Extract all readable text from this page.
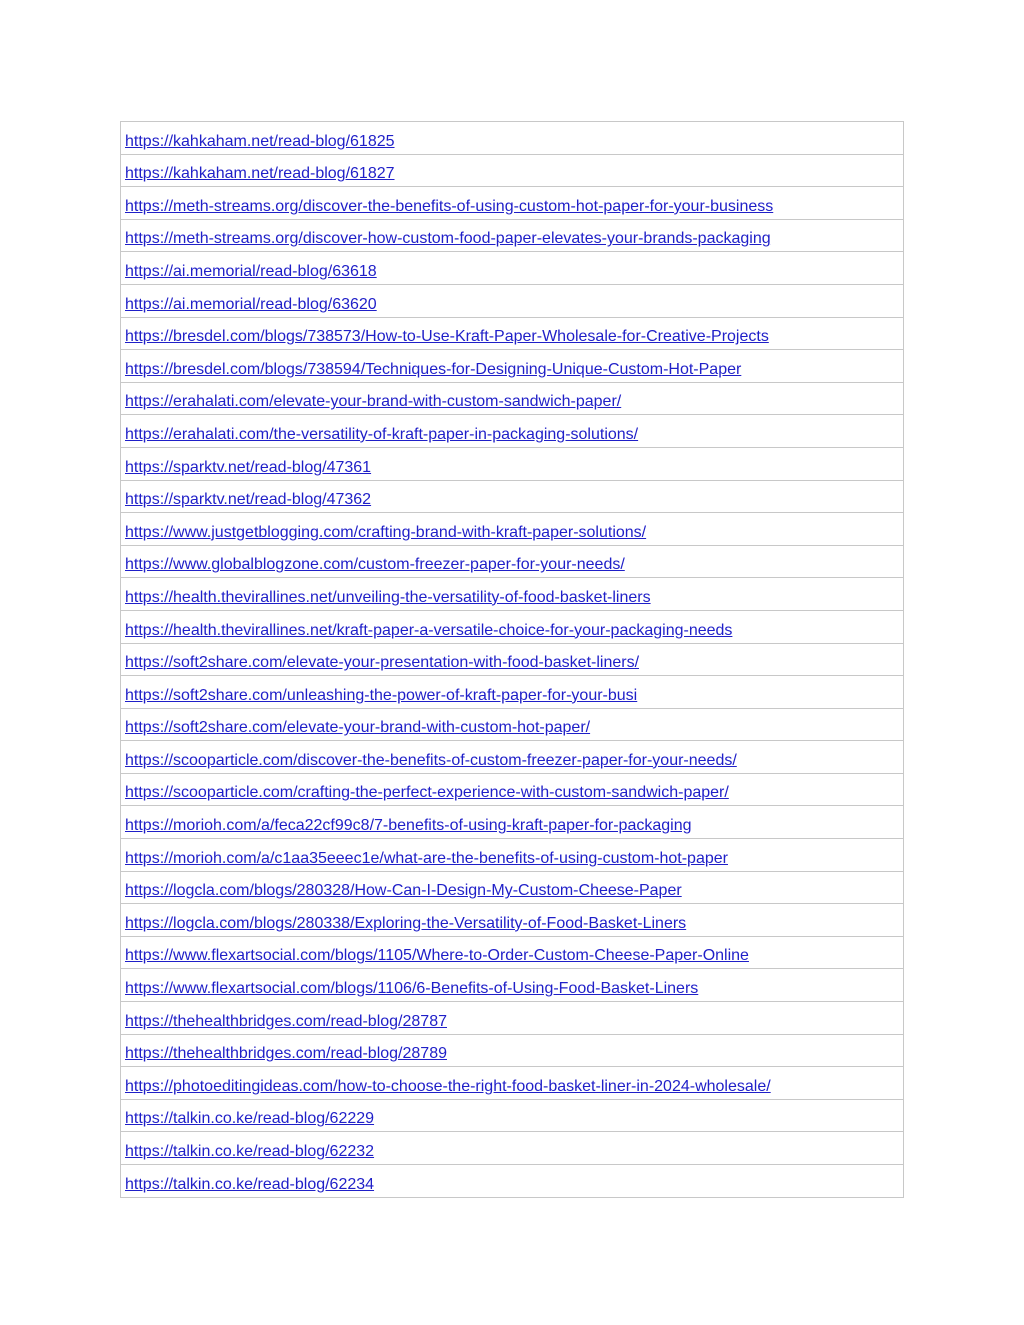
https://kahkaham.net/read-blog/61825
https://kahkaham.net/read-blog/61827
https://meth-streams.org/discover-the-benefits-of-using-custom-hot-paper-for-your-business
https://meth-streams.org/discover-how-custom-food-paper-elevates-your-brands-packaging
https://ai.memorial/read-blog/63618
https://ai.memorial/read-blog/63620
https://bresdel.com/blogs/738573/How-to-Use-Kraft-Paper-Wholesale-for-Creative-Projects
https://bresdel.com/blogs/738594/Techniques-for-Designing-Unique-Custom-Hot-Paper
https://erahalati.com/elevate-your-brand-with-custom-sandwich-paper/
https://erahalati.com/the-versatility-of-kraft-paper-in-packaging-solutions/
https://sparktv.net/read-blog/47361
https://sparktv.net/read-blog/47362
https://www.justgetblogging.com/crafting-brand-with-kraft-paper-solutions/
https://www.globalblogzone.com/custom-freezer-paper-for-your-needs/
https://health.thevirallines.net/unveiling-the-versatility-of-food-basket-liners
https://health.thevirallines.net/kraft-paper-a-versatile-choice-for-your-packaging-needs
https://soft2share.com/elevate-your-presentation-with-food-basket-liners/
https://soft2share.com/unleashing-the-power-of-kraft-paper-for-your-busi
https://soft2share.com/elevate-your-brand-with-custom-hot-paper/
https://scooparticle.com/discover-the-benefits-of-custom-freezer-paper-for-your-needs/
https://scooparticle.com/crafting-the-perfect-experience-with-custom-sandwich-paper/
https://morioh.com/a/feca22cf99c8/7-benefits-of-using-kraft-paper-for-packaging
https://morioh.com/a/c1aa35eeec1e/what-are-the-benefits-of-using-custom-hot-paper
https://logcla.com/blogs/280328/How-Can-I-Design-My-Custom-Cheese-Paper
https://logcla.com/blogs/280338/Exploring-the-Versatility-of-Food-Basket-Liners
https://www.flexartsocial.com/blogs/1105/Where-to-Order-Custom-Cheese-Paper-Online
https://www.flexartsocial.com/blogs/1106/6-Benefits-of-Using-Food-Basket-Liners
https://thehealthbridges.com/read-blog/28787
https://thehealthbridges.com/read-blog/28789
https://photoeditingideas.com/how-to-choose-the-right-food-basket-liner-in-2024-wholesale/
https://talkin.co.ke/read-blog/62229
https://talkin.co.ke/read-blog/62232
https://talkin.co.ke/read-blog/62234
